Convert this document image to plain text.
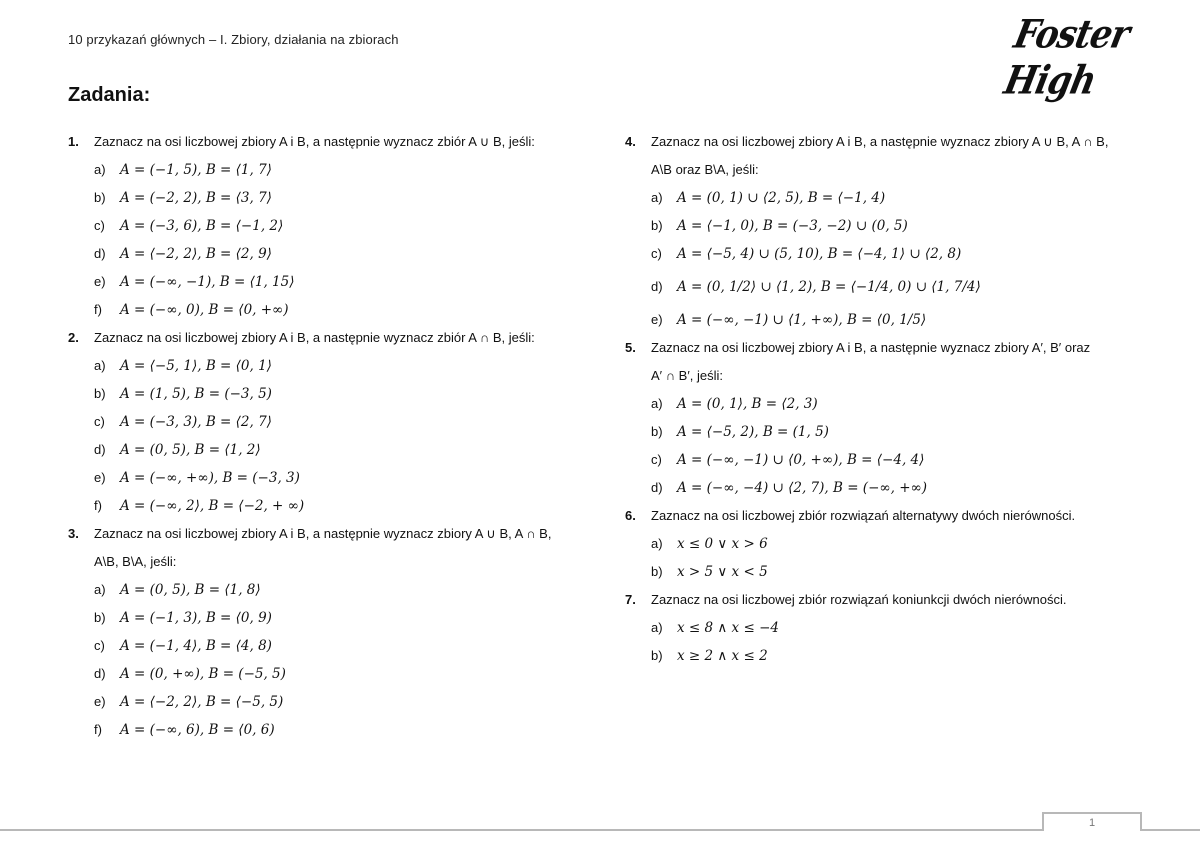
10 przykazań głównych – I. Zbiory, działania na zbiorach	Foster High
Zadania:
1.	Zaznacz na osi liczbowej zbiory A i B, a następnie wyznacz zbiór A ∪ B, jeśli:
a)	A = (−1, 5), B = ⟨1, 7⟩
b)	A = (−2, 2), B = ⟨3, 7⟩
c)	A = (−3, 6), B = ⟨−1, 2⟩
d)	A = ⟨−2, 2⟩, B = ⟨2, 9⟩
e)	A = (−∞, −1), B = ⟨1, 15⟩
f)	A = (−∞, 0), B = ⟨0, +∞)
2.	Zaznacz na osi liczbowej zbiory A i B, a następnie wyznacz zbiór A ∩ B, jeśli:
a)	A = ⟨−5, 1⟩, B = ⟨0, 1⟩
b)	A = (1, 5), B = (−3, 5)
c)	A = (−3, 3), B = ⟨2, 7⟩
d)	A = (0, 5), B = ⟨1, 2⟩
e)	A = (−∞, +∞), B = (−3, 3)
f)	A = (−∞, 2⟩, B = ⟨−2, + ∞)
3.	Zaznacz na osi liczbowej zbiory A i B, a następnie wyznacz zbiory A ∪ B, A ∩ B,
A\B, B\A, jeśli:
a)	A = (0, 5), B = ⟨1, 8⟩
b)	A = (−1, 3), B = ⟨0, 9)
c)	A = (−1, 4⟩, B = ⟨4, 8)
d)	A = (0, +∞), B = (−5, 5)
e)	A = ⟨−2, 2⟩, B = ⟨−5, 5)
f)	A = (−∞, 6), B = ⟨0, 6)
4.	Zaznacz na osi liczbowej zbiory A i B, a następnie wyznacz zbiory A ∪ B, A ∩ B,
A\B oraz B\A, jeśli:
a)	A = (0, 1) ∪ ⟨2, 5), B = ⟨−1, 4)
b)	A = ⟨−1, 0), B = (−3, −2) ∪ (0, 5)
c)	A = ⟨−5, 4) ∪ (5, 10), B = ⟨−4, 1⟩ ∪ ⟨2, 8)
d)	A = (0, 1/2⟩ ∪ ⟨1, 2), B = ⟨−1/4, 0) ∪ ⟨1, 7/4⟩
e)	A = (−∞, −1) ∪ ⟨1, +∞), B = ⟨0, 1/5⟩
5.	Zaznacz na osi liczbowej zbiory A i B, a następnie wyznacz zbiory A′, B′ oraz
A′ ∩ B′, jeśli:
a)	A = (0, 1⟩, B = ⟨2, 3)
b)	A = ⟨−5, 2), B = (1, 5)
c)	A = (−∞, −1) ∪ ⟨0, +∞), B = ⟨−4, 4⟩
d)	A = (−∞, −4) ∪ ⟨2, 7), B = (−∞, +∞)
6.	Zaznacz na osi liczbowej zbiór rozwiązań alternatywy dwóch nierówności.
a)	x ≤ 0 ∨ x > 6
b)	x > 5 ∨ x < 5
7.	Zaznacz na osi liczbowej zbiór rozwiązań koniunkcji dwóch nierówności.
a)	x ≤ 8 ∧ x ≤ −4
b)	x ≥ 2 ∧ x ≤ 2
1
